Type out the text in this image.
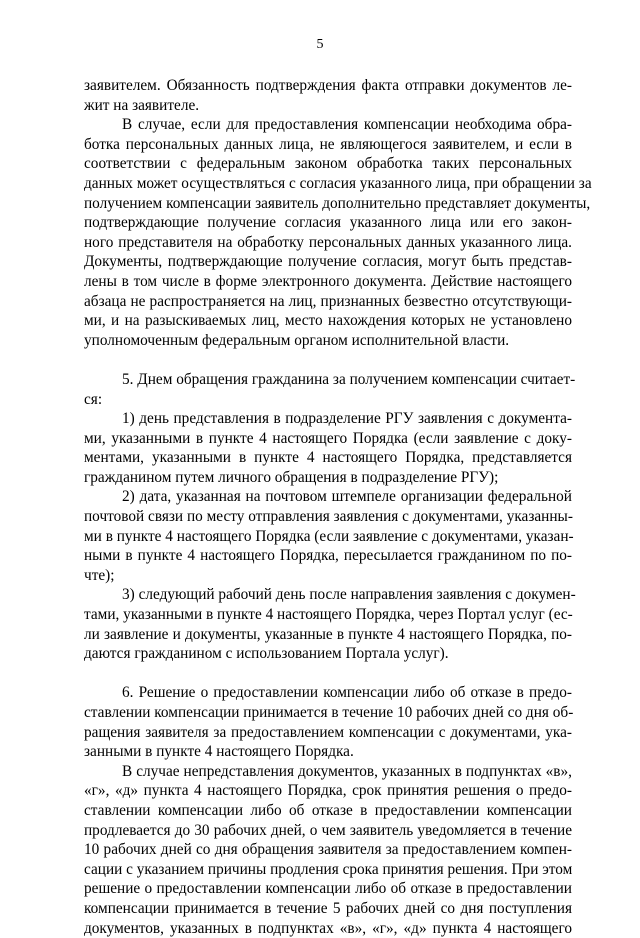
5
заявителем. Обязанность подтверждения факта отправки документов ле-
жит на заявителе.
В случае, если для предоставления компенсации необходима обра-
ботка персональных данных лица, не являющегося заявителем, и если в
соответствии с федеральным законом обработка таких персональных
данных может осуществляться с согласия указанного лица, при обращении за
получением компенсации заявитель дополнительно представляет документы,
подтверждающие получение согласия указанного лица или его закон-
ного представителя на обработку персональных данных указанного лица.
Документы, подтверждающие получение согласия, могут быть представ-
лены в том числе в форме электронного документа. Действие настоящего
абзаца не распространяется на лиц, признанных безвестно отсутствующи-
ми, и на разыскиваемых лиц, место нахождения которых не установлено
уполномоченным федеральным органом исполнительной власти.
5. Днем обращения гражданина за получением компенсации считает-
ся:
1) день представления в подразделение РГУ заявления с документа-
ми, указанными в пункте 4 настоящего Порядка (если заявление с доку-
ментами, указанными в пункте 4 настоящего Порядка, представляется
гражданином путем личного обращения в подразделение РГУ);
2) дата, указанная на почтовом штемпеле организации федеральной
почтовой связи по месту отправления заявления с документами, указанны-
ми в пункте 4 настоящего Порядка (если заявление с документами, указан-
ными в пункте 4 настоящего Порядка, пересылается гражданином по по-
чте);
3) следующий рабочий день после направления заявления с докумен-
тами, указанными в пункте 4 настоящего Порядка, через Портал услуг (ес-
ли заявление и документы, указанные в пункте 4 настоящего Порядка, по-
даются гражданином с использованием Портала услуг).
6. Решение о предоставлении компенсации либо об отказе в предо-
ставлении компенсации принимается в течение 10 рабочих дней со дня об-
ращения заявителя за предоставлением компенсации с документами, ука-
занными в пункте 4 настоящего Порядка.
В случае непредставления документов, указанных в подпунктах «в»,
«г», «д» пункта 4 настоящего Порядка, срок принятия решения о предо-
ставлении компенсации либо об отказе в предоставлении компенсации
продлевается до 30 рабочих дней, о чем заявитель уведомляется в течение
10 рабочих дней со дня обращения заявителя за предоставлением компен-
сации с указанием причины продления срока принятия решения. При этом
решение о предоставлении компенсации либо об отказе в предоставлении
компенсации принимается в течение 5 рабочих дней со дня поступления
документов, указанных в подпунктах «в», «г», «д» пункта 4 настоящего
